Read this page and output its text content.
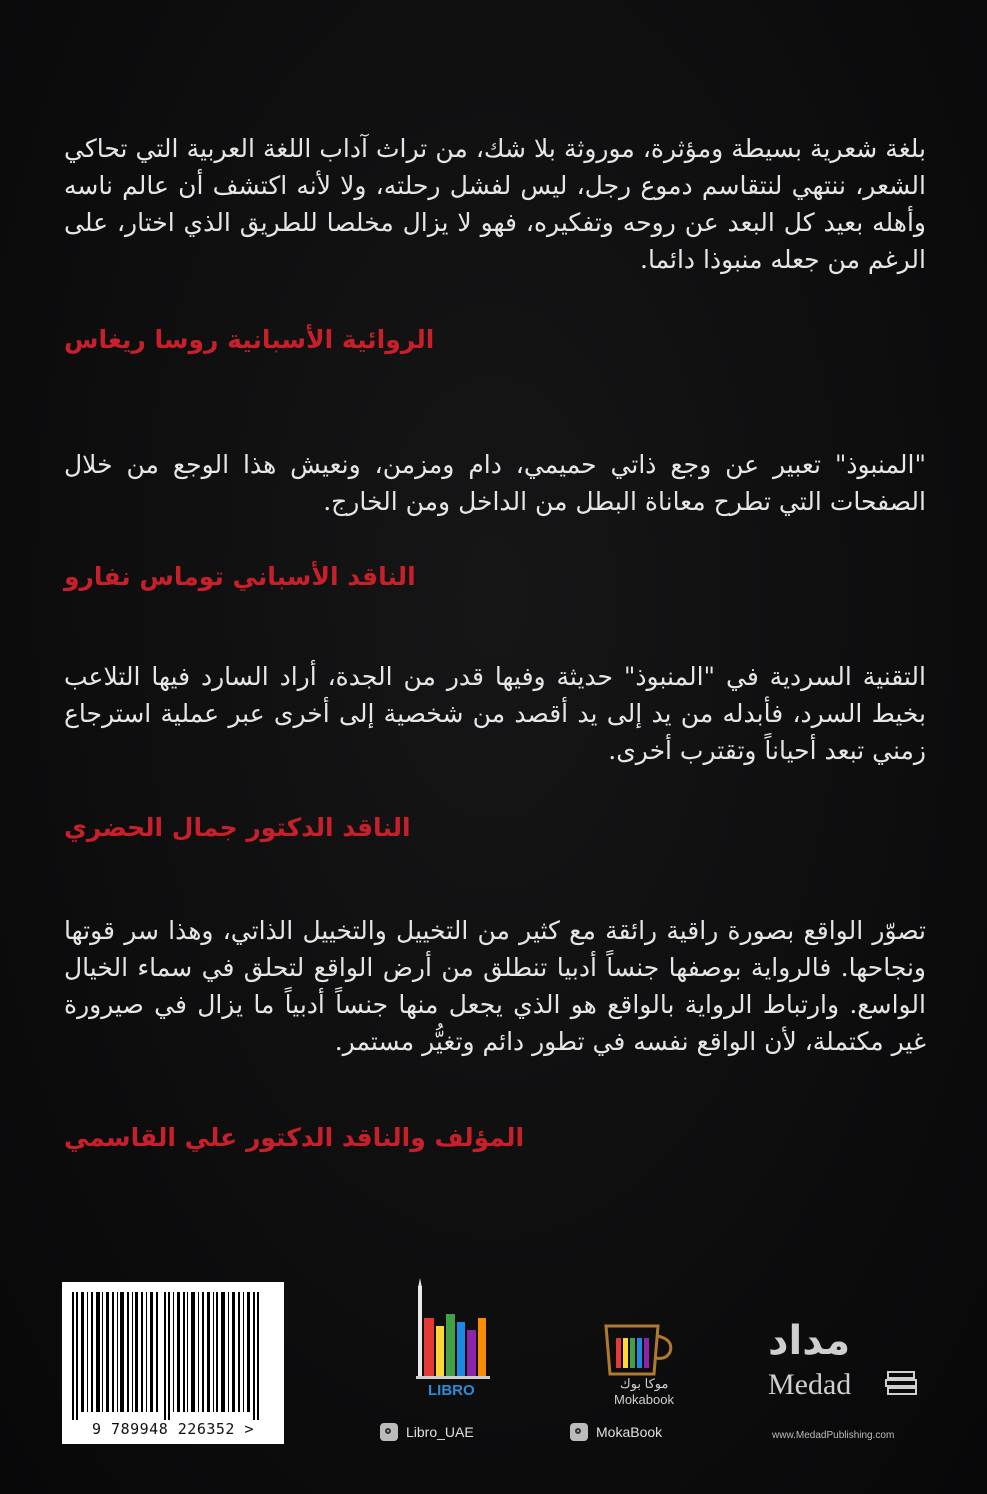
بلغة شعرية بسيطة ومؤثرة، موروثة بلا شك، من تراث آداب اللغة العربية التي تحاكي الشعر، ننتهي لنتقاسم دموع رجل، ليس لفشل رحلته، ولا لأنه اكتشف أن عالم ناسه وأهله بعيد كل البعد عن روحه وتفكيره، فهو لا يزال مخلصا للطريق الذي اختار، على الرغم من جعله منبوذا دائما.

الروائية الأسبانية روسا ريغاس

"المنبوذ" تعبير عن وجع ذاتي حميمي، دام ومزمن، ونعيش هذا الوجع من خلال الصفحات التي تطرح معاناة البطل من الداخل ومن الخارج.

الناقد الأسباني توماس نفارو

التقنية السردية في "المنبوذ" حديثة وفيها قدر من الجدة، أراد السارد فيها التلاعب بخيط السرد، فأبدله من يد إلى يد أقصد من شخصية إلى أخرى عبر عملية استرجاع زمني تبعد أحياناً وتقترب أخرى.

الناقد الدكتور جمال الحضري

تصوّر الواقع بصورة راقية رائقة مع كثير من التخييل والتخييل الذاتي، وهذا سر قوتها ونجاحها. فالرواية بوصفها جنساً أدبيا تنطلق من أرض الواقع لتحلق في سماء الخيال الواسع. وارتباط الرواية بالواقع هو الذي يجعل منها جنساً أدبياً ما يزال في صيرورة غير مكتملة، لأن الواقع نفسه في تطور دائم وتغيُّر مستمر.

المؤلف والناقد الدكتور علي القاسمي
9 789948 226352 >
LIBRO	موكا بوك
Mokabook
مداد
Medad
www.MedadPublishing.com
Libro_UAE	MokaBook
